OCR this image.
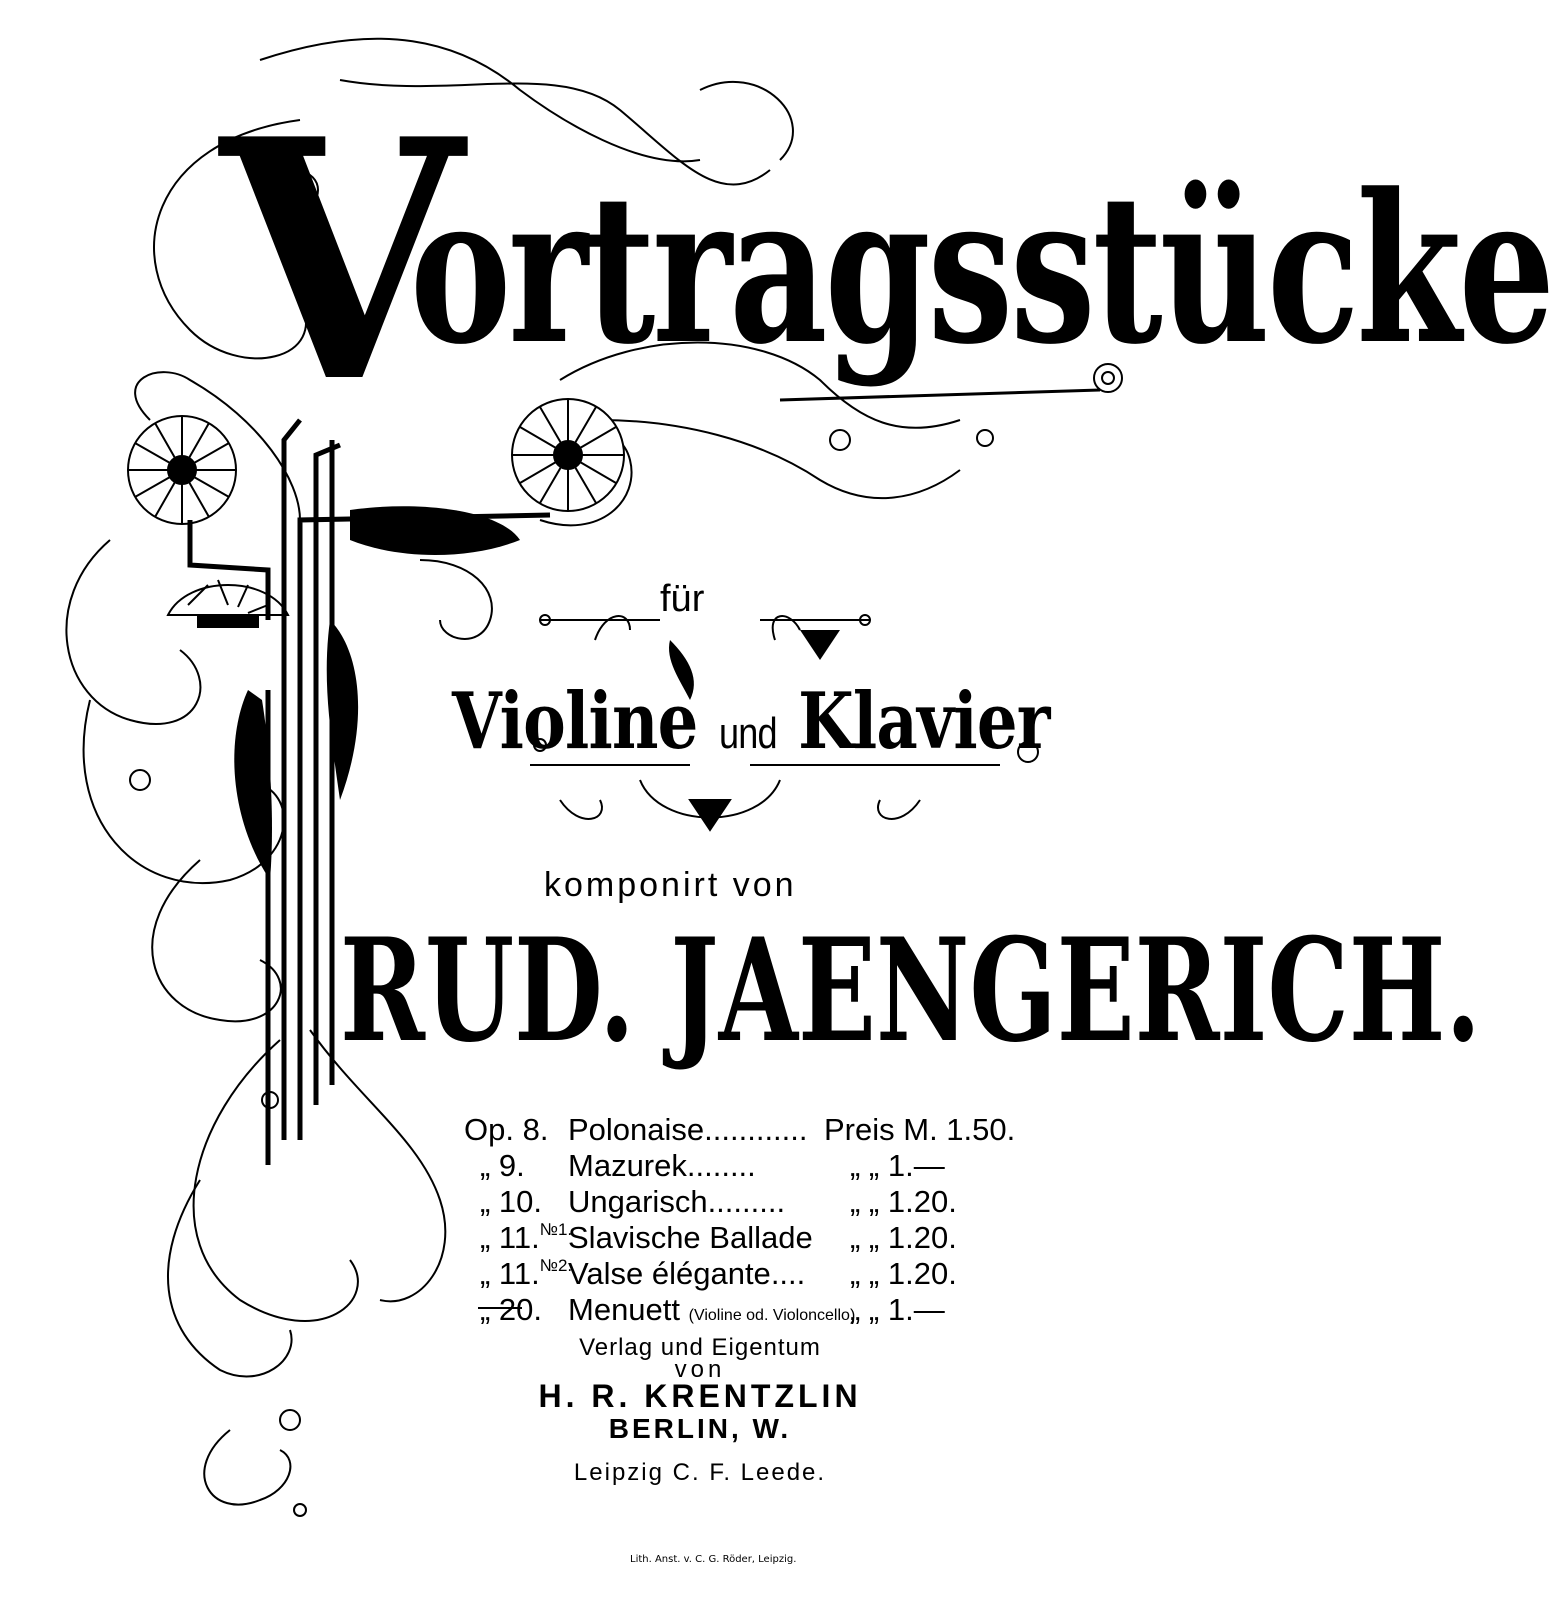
V
ortragsstücke
für
Violine und Klavier
komponirt von
RUD. JAENGERICH.
Op. 8. Polonaise............ Preis M. 1.50.
„ 9. Mazurek........	„ „ 1.—
„ 10. Ungarisch......... „ „ 1.20.
„ 11. №1.
Slavische Ballade „ „ 1.20.
„ 11. №2.
Valse élégante.... „ „ 1.20.
„ 20. Menuett (Violine od. Violoncello)
„ „ 1.—
Verlag und Eigentum
von
H. R. KRENTZLIN
BERLIN, W.
Leipzig C. F. Leede.
Lith. Anst. v. C. G. Röder, Leipzig.
